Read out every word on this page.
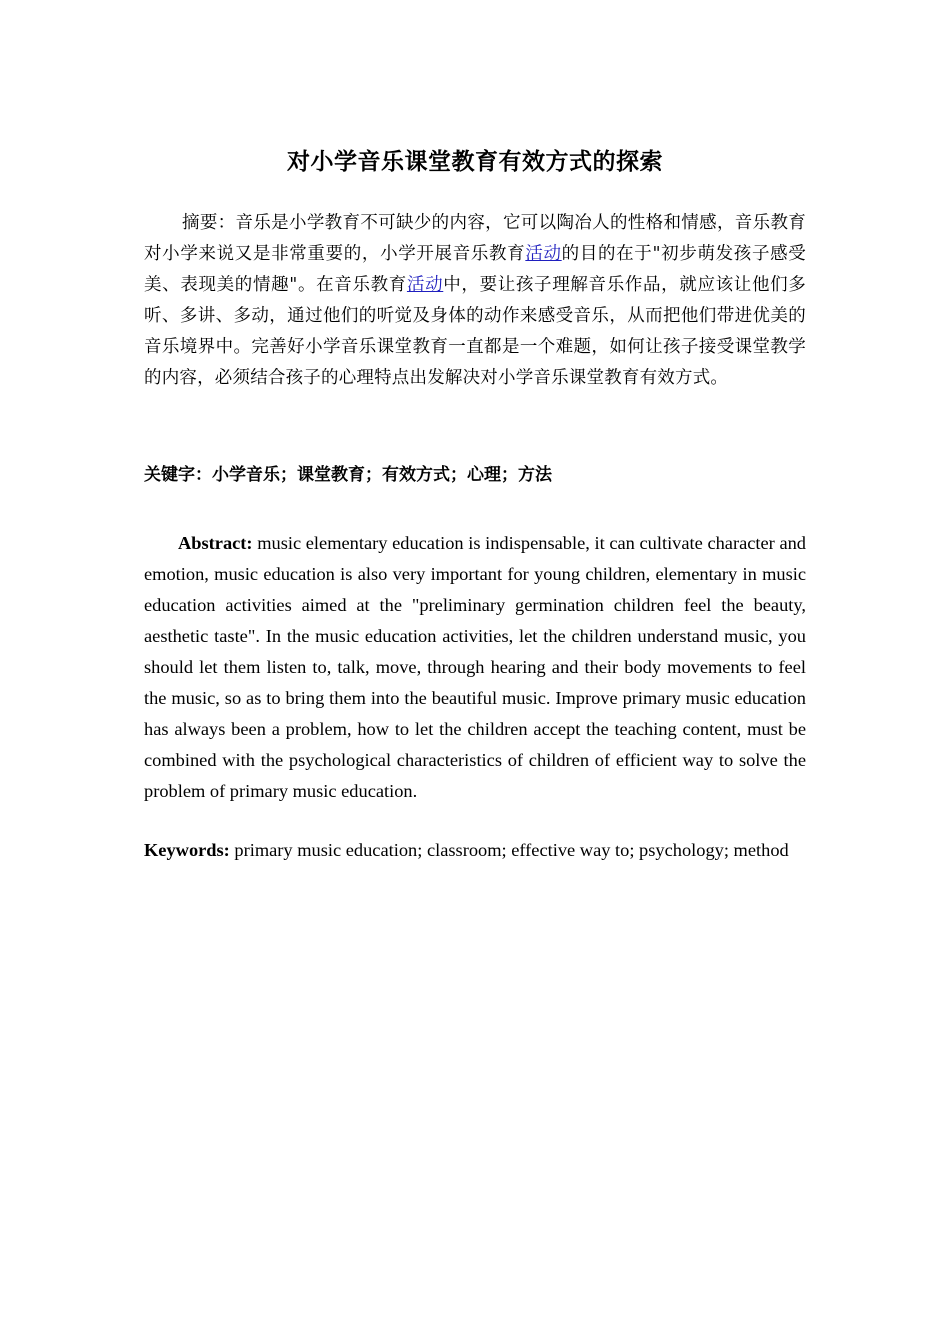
对小学音乐课堂教育有效方式的探索
摘要：音乐是小学教育不可缺少的内容，它可以陶冶人的性格和情感，音乐教育对小学来说又是非常重要的，小学开展音乐教育活动的目的在于"初步萌发孩子感受美、表现美的情趣"。在音乐教育活动中，要让孩子理解音乐作品，就应该让他们多听、多讲、多动，通过他们的听觉及身体的动作来感受音乐，从而把他们带进优美的音乐境界中。完善好小学音乐课堂教育一直都是一个难题，如何让孩子接受课堂教学的内容，必须结合孩子的心理特点出发解决对小学音乐课堂教育有效方式。
关键字：小学音乐；课堂教育；有效方式；心理；方法
Abstract: music elementary education is indispensable, it can cultivate character and emotion, music education is also very important for young children, elementary in music education activities aimed at the "preliminary germination children feel the beauty, aesthetic taste". In the music education activities, let the children understand music, you should let them listen to, talk, move, through hearing and their body movements to feel the music, so as to bring them into the beautiful music. Improve primary music education has always been a problem, how to let the children accept the teaching content, must be combined with the psychological characteristics of children of efficient way to solve the problem of primary music education.
Keywords: primary music education; classroom; effective way to; psychology; method
